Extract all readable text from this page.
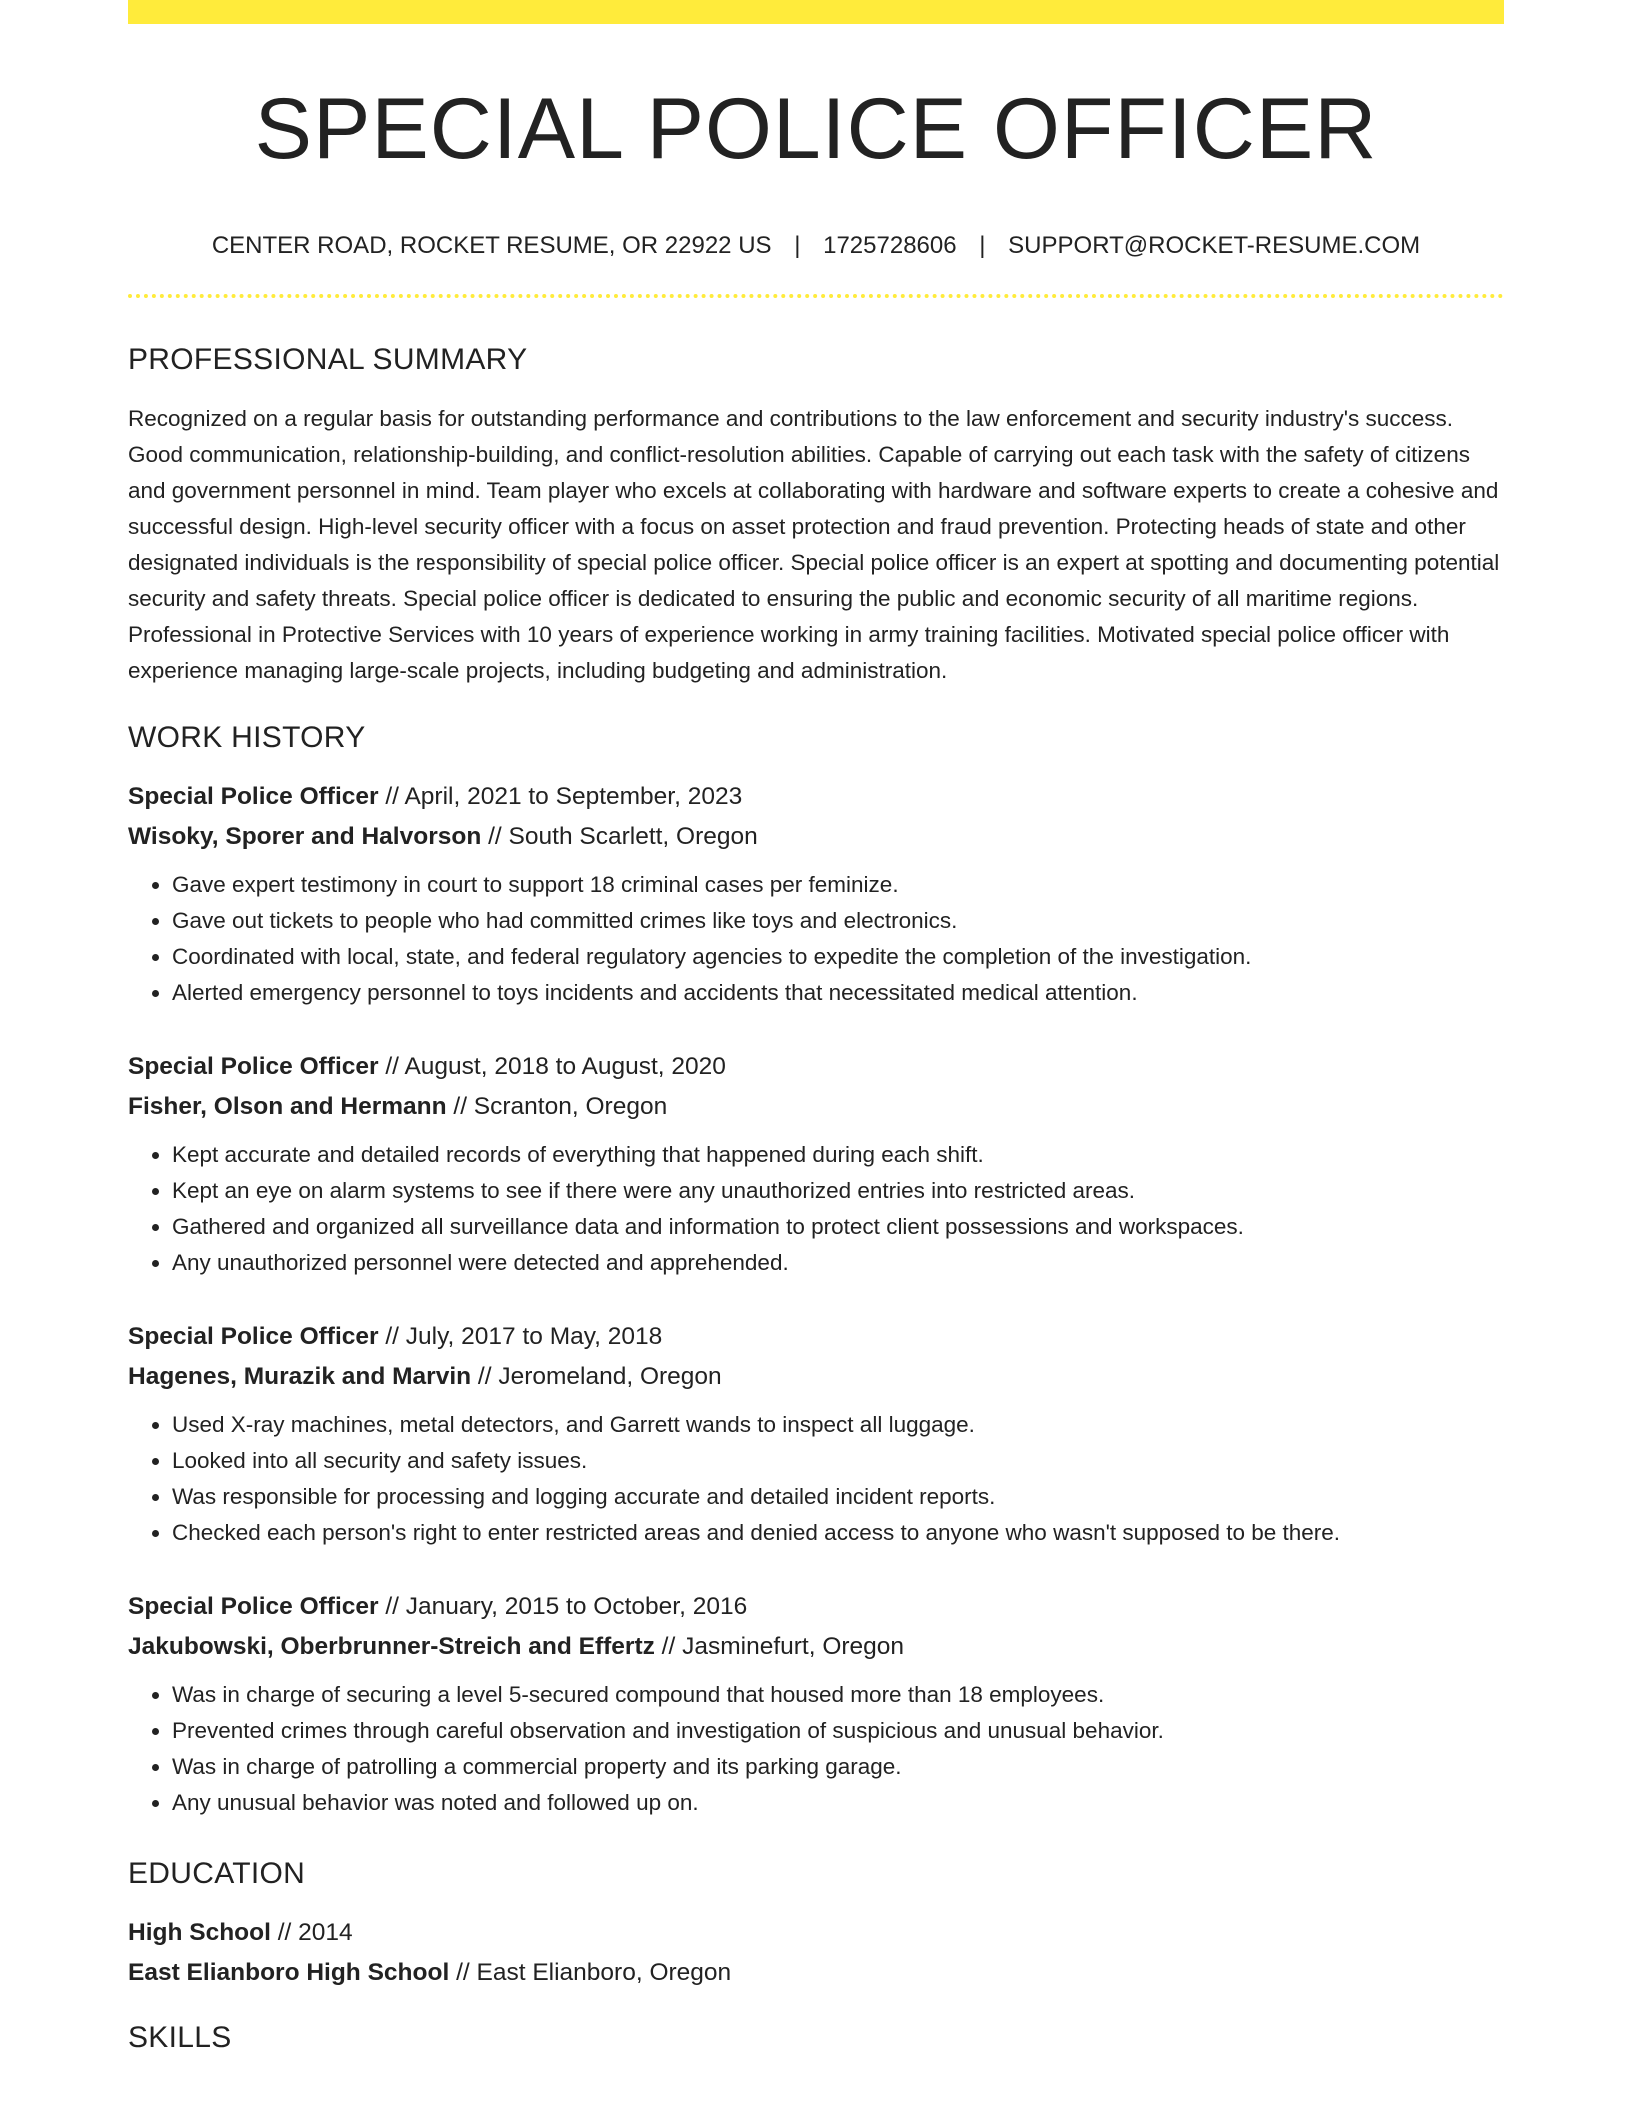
SPECIAL POLICE OFFICER
CENTER ROAD, ROCKET RESUME, OR 22922 US | 1725728606 | SUPPORT@ROCKET-RESUME.COM
PROFESSIONAL SUMMARY

Recognized on a regular basis for outstanding performance and contributions to the law enforcement and security industry's success. Good communication, relationship-building, and conflict-resolution abilities. Capable of carrying out each task with the safety of citizens and government personnel in mind. Team player who excels at collaborating with hardware and software experts to create a cohesive and successful design. High-level security officer with a focus on asset protection and fraud prevention. Protecting heads of state and other designated individuals is the responsibility of special police officer. Special police officer is an expert at spotting and documenting potential security and safety threats. Special police officer is dedicated to ensuring the public and economic security of all maritime regions. Professional in Protective Services with 10 years of experience working in army training facilities. Motivated special police officer with experience managing large-scale projects, including budgeting and administration.

WORK HISTORY
Special Police Officer // April, 2021 to September, 2023
Wisoky, Sporer and Halvorson // South Scarlett, Oregon
• Gave expert testimony in court to support 18 criminal cases per feminize.
• Gave out tickets to people who had committed crimes like toys and electronics.
• Coordinated with local, state, and federal regulatory agencies to expedite the completion of the investigation.
• Alerted emergency personnel to toys incidents and accidents that necessitated medical attention.
Special Police Officer // August, 2018 to August, 2020
Fisher, Olson and Hermann // Scranton, Oregon
• Kept accurate and detailed records of everything that happened during each shift.
• Kept an eye on alarm systems to see if there were any unauthorized entries into restricted areas.
• Gathered and organized all surveillance data and information to protect client possessions and workspaces.
• Any unauthorized personnel were detected and apprehended.
Special Police Officer // July, 2017 to May, 2018
Hagenes, Murazik and Marvin // Jeromeland, Oregon
• Used X-ray machines, metal detectors, and Garrett wands to inspect all luggage.
• Looked into all security and safety issues.
• Was responsible for processing and logging accurate and detailed incident reports.
• Checked each person's right to enter restricted areas and denied access to anyone who wasn't supposed to be there.
Special Police Officer // January, 2015 to October, 2016
Jakubowski, Oberbrunner-Streich and Effertz // Jasminefurt, Oregon
• Was in charge of securing a level 5-secured compound that housed more than 18 employees.
• Prevented crimes through careful observation and investigation of suspicious and unusual behavior.
• Was in charge of patrolling a commercial property and its parking garage.
• Any unusual behavior was noted and followed up on.
EDUCATION
High School // 2014
East Elianboro High School // East Elianboro, Oregon
SKILLS
